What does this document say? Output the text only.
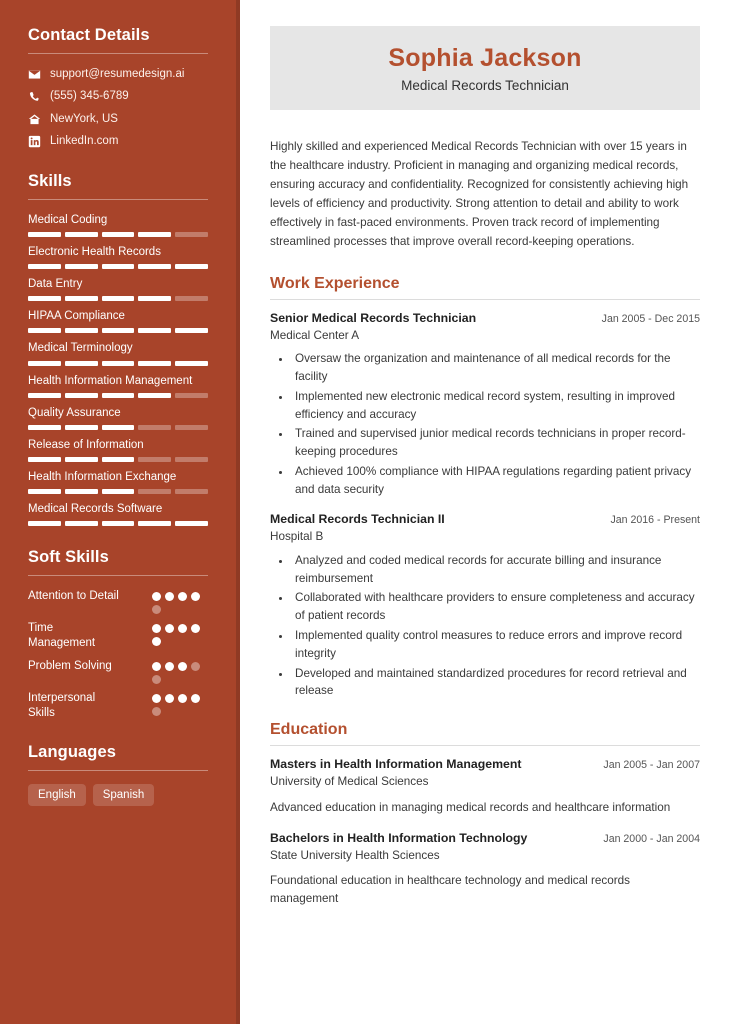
Contact Details
support@resumedesign.ai
(555) 345-6789
NewYork, US
LinkedIn.com
Skills
Medical Coding
Electronic Health Records
Data Entry
HIPAA Compliance
Medical Terminology
Health Information Management
Quality Assurance
Release of Information
Health Information Exchange
Medical Records Software
Soft Skills
Attention to Detail
Time Management
Problem Solving
Interpersonal Skills
Languages
English	Spanish
Sophia Jackson
Medical Records Technician
Highly skilled and experienced Medical Records Technician with over 15 years in the healthcare industry. Proficient in managing and organizing medical records, ensuring accuracy and confidentiality. Recognized for consistently achieving high levels of efficiency and productivity. Strong attention to detail and ability to work effectively in fast-paced environments. Proven track record of implementing streamlined processes that improve overall record-keeping operations.
Work Experience
Senior Medical Records Technician	Jan 2005 - Dec 2015
Medical Center A
• Oversaw the organization and maintenance of all medical records for the facility
• Implemented new electronic medical record system, resulting in improved efficiency and accuracy
• Trained and supervised junior medical records technicians in proper record-keeping procedures
• Achieved 100% compliance with HIPAA regulations regarding patient privacy and data security
Medical Records Technician II	Jan 2016 - Present
Hospital B
• Analyzed and coded medical records for accurate billing and insurance reimbursement
• Collaborated with healthcare providers to ensure completeness and accuracy of patient records
• Implemented quality control measures to reduce errors and improve record integrity
• Developed and maintained standardized procedures for record retrieval and release
Education
Masters in Health Information Management	Jan 2005 - Jan 2007
University of Medical Sciences
Advanced education in managing medical records and healthcare information
Bachelors in Health Information Technology	Jan 2000 - Jan 2004
State University Health Sciences
Foundational education in healthcare technology and medical records management
